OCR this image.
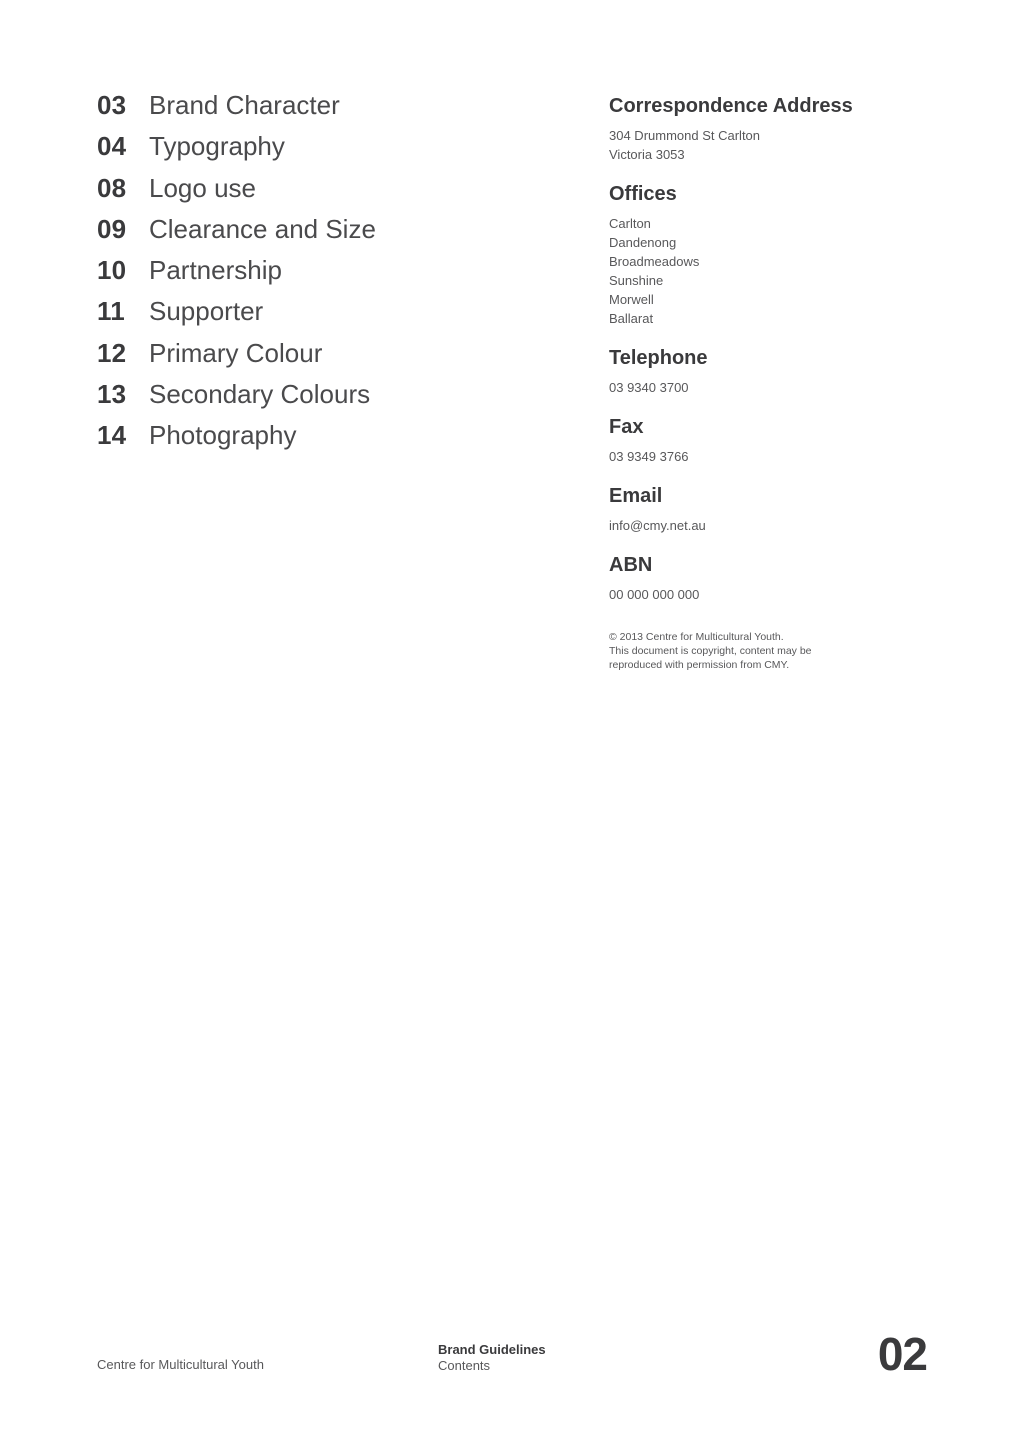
03 Brand Character
04 Typography
08 Logo use
09 Clearance and Size
10 Partnership
11 Supporter
12 Primary Colour
13 Secondary Colours
14 Photography
Correspondence Address
304 Drummond St Carlton
Victoria 3053
Offices
Carlton
Dandenong
Broadmeadows
Sunshine
Morwell
Ballarat
Telephone
03 9340 3700
Fax
03 9349 3766
Email
info@cmy.net.au
ABN
00 000 000 000
© 2013 Centre for Multicultural Youth.
This document is copyright, content may be
reproduced with permission from CMY.
Centre for Multicultural Youth
Brand Guidelines
Contents	02
